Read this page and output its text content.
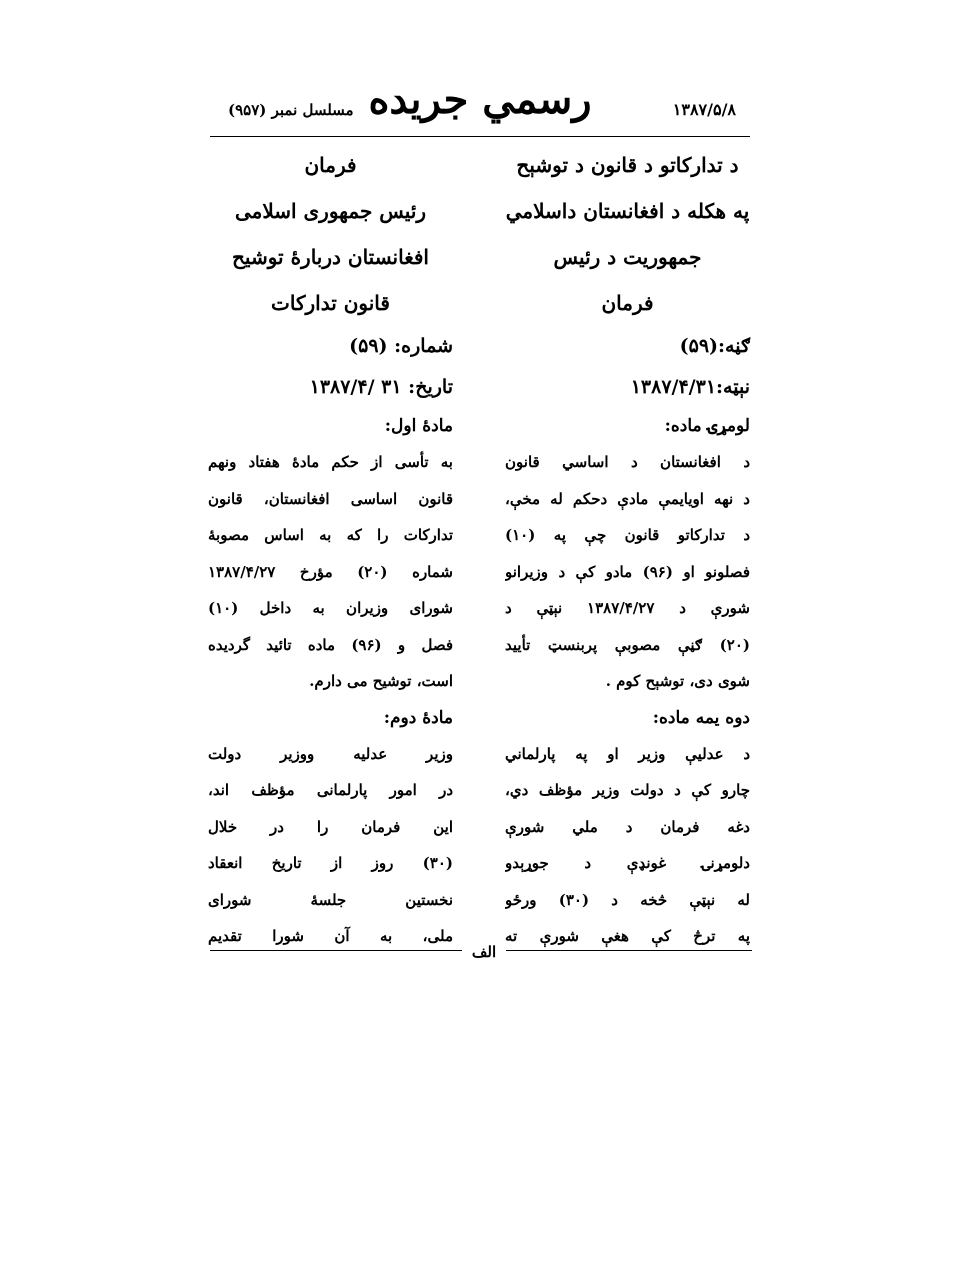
مسلسل نمبر (۹۵۷) رسمي جريده	۱۳۸۷/۵/۸
د تدارکاتو د قانون د توشېح
په هکله د افغانستان داسلامي
جمهوريت د رئيس
فرمان
ګڼه:(۵۹)
نېټه:۱۳۸۷/۴/۳۱
لومړۍ ماده:
د افغانستان د اساسي قانون
د نهه اويايمې مادې دحکم له مخې،
د تدارکاتو قانون چې په (۱۰)
فصلونو او (۹۶) مادو کې د وزيرانو
شورې د ۱۳۸۷/۴/۲۷ نېټې د
(۲۰) ګڼې مصوبې پربنسټ تأييد
شوی دی، توشېح کوم .
دوه يمه ماده:
د عدليې وزير او په پارلماني
چارو کې د دولت وزير مؤظف دي،
دغه فرمان د ملي شورې
دلومړنۍ غونډې د جوړېدو
له نېټې څخه د (۳۰) ورځو
په ترڅ کې هغې شورې ته
فرمان
رئيس جمهوری اسلامی
افغانستان دربارهٔ توشيح
قانون تدارکات
شماره: (۵۹)
تاريخ: ۳۱ /۱۳۸۷/۴
مادهٔ اول:
به تأسی از حکم مادهٔ هفتاد ونهم
قانون اساسی افغانستان، قانون
تدارکات را که به اساس مصوبهٔ
شماره (۲۰) مؤرخ ۱۳۸۷/۴/۲۷
شورای وزيران به داخل (۱۰)
فصل و (۹۶) ماده تائيد گرديده
است، توشيح می دارم.
مادهٔ دوم:
وزير عدليه ووزير دولت
در امور پارلمانی مؤظف اند،
اين فرمان را در خلال
(۳۰) روز از تاريخ انعقاد
نخستين جلسهٔ شورای
ملی، به آن شورا تقديم
الف
